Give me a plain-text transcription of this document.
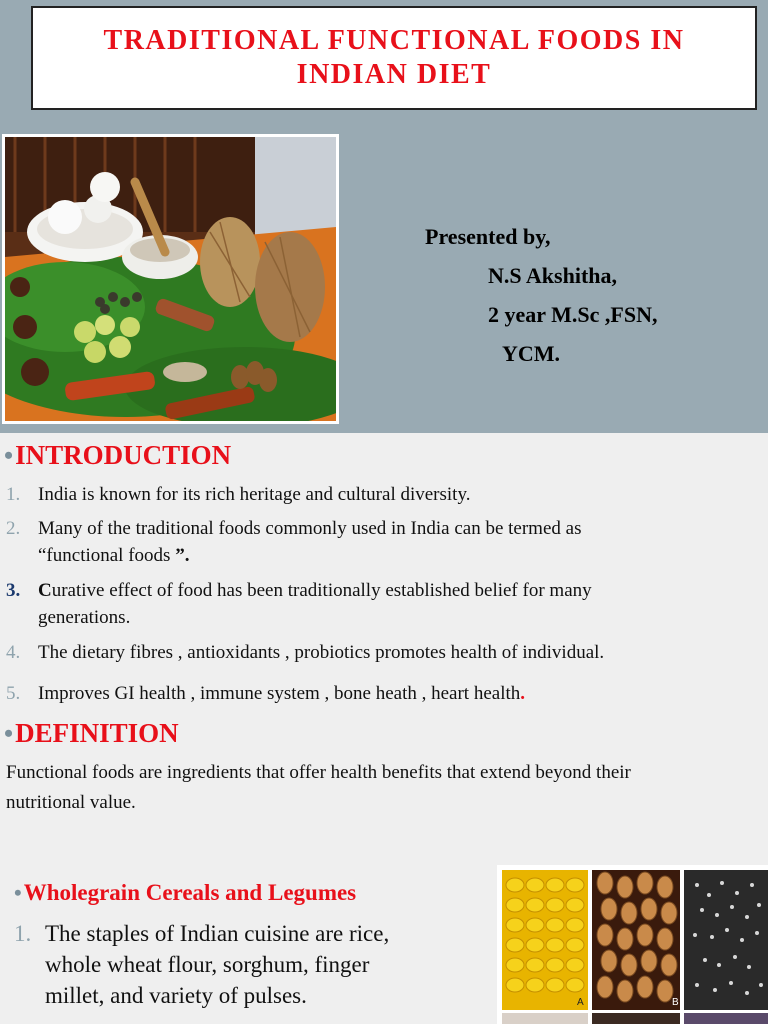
TRADITIONAL FUNCTIONAL FOODS IN
INDIAN DIET
Presented by,
N.S Akshitha,
2 year M.Sc ,FSN,
YCM.
•INTRODUCTION
1. India is known for its rich heritage and cultural diversity.
2. Many of the traditional foods commonly used in India can be termed as
“functional foods ”.
3. Curative effect of food has been traditionally established belief for many
generations.
4. The dietary fibres , antioxidants , probiotics promotes health of individual.
5. Improves GI health , immune system , bone heath , heart health.
•DEFINITION
Functional foods are ingredients that offer health benefits that extend beyond their
nutritional value.
•Wholegrain Cereals and Legumes
1. The staples of Indian cuisine are rice,
whole wheat flour, sorghum, finger
millet, and variety of pulses.	A	B
